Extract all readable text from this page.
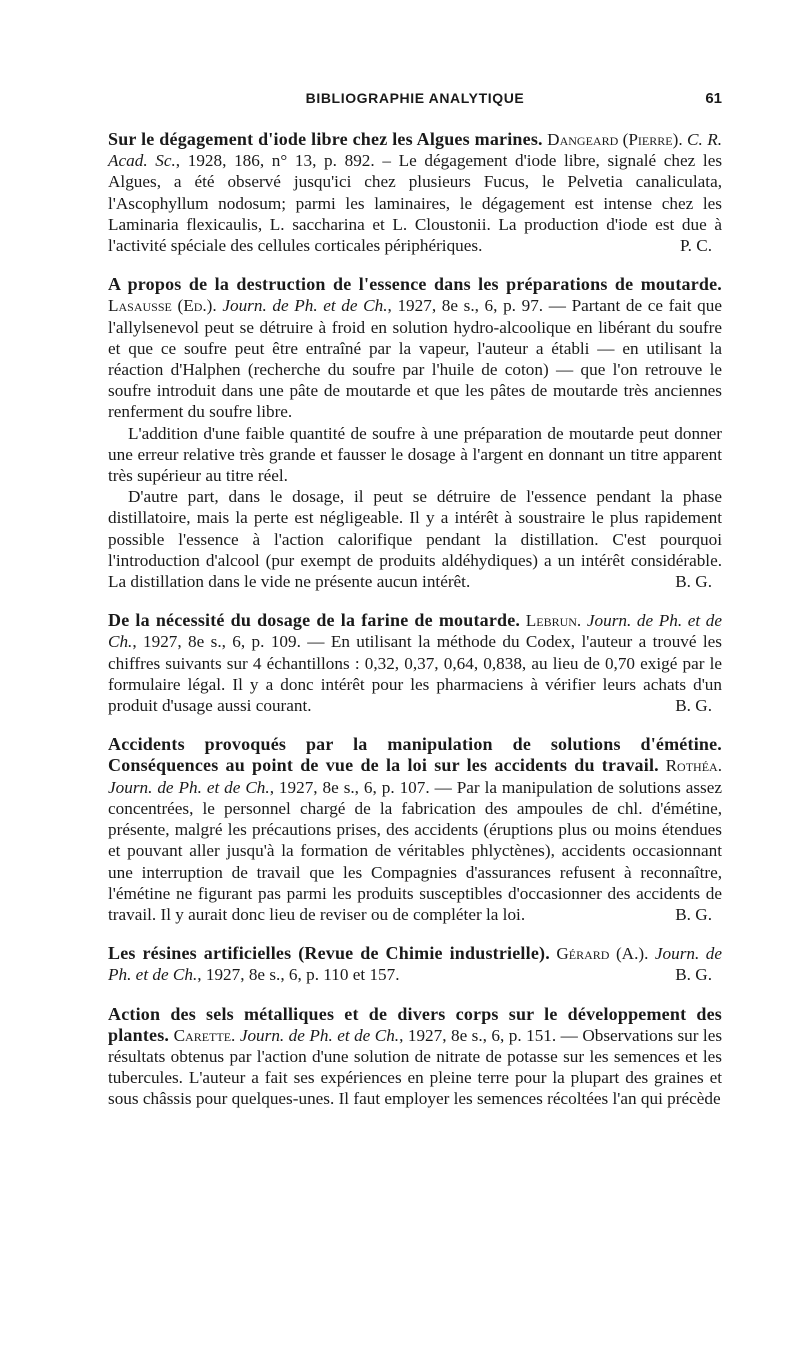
BIBLIOGRAPHIE ANALYTIQUE	61

Sur le dégagement d'iode libre chez les Algues marines. Dangeard (Pierre). C. R. Acad. Sc., 1928, 186, n° 13, p. 892. – Le dégagement d'iode libre, signalé chez les Algues, a été observé jusqu'ici chez plusieurs Fucus, le Pelvetia canaliculata, l'Ascophyllum nodosum; parmi les laminaires, le dégagement est intense chez les Laminaria flexicaulis, L. saccharina et L. Cloustonii. La production d'iode est due à l'activité spéciale des cellules corticales périphériques.	P. C.

A propos de la destruction de l'essence dans les préparations de moutarde. Lasausse (Ed.). Journ. de Ph. et de Ch., 1927, 8e s., 6, p. 97. — Partant de ce fait que l'allylsenevol peut se détruire à froid en solution hydro-alcoolique en libérant du soufre et que ce soufre peut être entraîné par la vapeur, l'auteur a établi — en utilisant la réaction d'Halphen (recherche du soufre par l'huile de coton) — que l'on retrouve le soufre introduit dans une pâte de moutarde et que les pâtes de moutarde très anciennes renferment du soufre libre.

L'addition d'une faible quantité de soufre à une préparation de moutarde peut donner une erreur relative très grande et fausser le dosage à l'argent en donnant un titre apparent très supérieur au titre réel.

D'autre part, dans le dosage, il peut se détruire de l'essence pendant la phase distillatoire, mais la perte est négligeable. Il y a intérêt à soustraire le plus rapidement possible l'essence à l'action calorifique pendant la distillation. C'est pourquoi l'introduction d'alcool (pur exempt de produits aldéhydiques) a un intérêt considérable. La distillation dans le vide ne présente aucun intérêt.	B. G.

De la nécessité du dosage de la farine de moutarde. Lebrun. Journ. de Ph. et de Ch., 1927, 8e s., 6, p. 109. — En utilisant la méthode du Codex, l'auteur a trouvé les chiffres suivants sur 4 échantillons : 0,32, 0,37, 0,64, 0,838, au lieu de 0,70 exigé par le formulaire légal. Il y a donc intérêt pour les pharmaciens à vérifier leurs achats d'un produit d'usage aussi courant.	B. G.

Accidents provoqués par la manipulation de solutions d'émétine. Conséquences au point de vue de la loi sur les accidents du travail. Rothéa. Journ. de Ph. et de Ch., 1927, 8e s., 6, p. 107. — Par la manipulation de solutions assez concentrées, le personnel chargé de la fabrication des ampoules de chl. d'émétine, présente, malgré les précautions prises, des accidents (éruptions plus ou moins étendues et pouvant aller jusqu'à la formation de véritables phlyctènes), accidents occasionnant une interruption de travail que les Compagnies d'assurances refusent à reconnaître, l'émétine ne figurant pas parmi les produits susceptibles d'occasionner des accidents de travail. Il y aurait donc lieu de reviser ou de compléter la loi.	B. G.

Les résines artificielles (Revue de Chimie industrielle). Gérard (A.). Journ. de Ph. et de Ch., 1927, 8e s., 6, p. 110 et 157.	B. G.

Action des sels métalliques et de divers corps sur le développement des plantes. Carette. Journ. de Ph. et de Ch., 1927, 8e s., 6, p. 151. — Observations sur les résultats obtenus par l'action d'une solution de nitrate de potasse sur les semences et les tubercules. L'auteur a fait ses expériences en pleine terre pour la plupart des graines et sous châssis pour quelques-unes. Il faut employer les semences récoltées l'an qui précède
